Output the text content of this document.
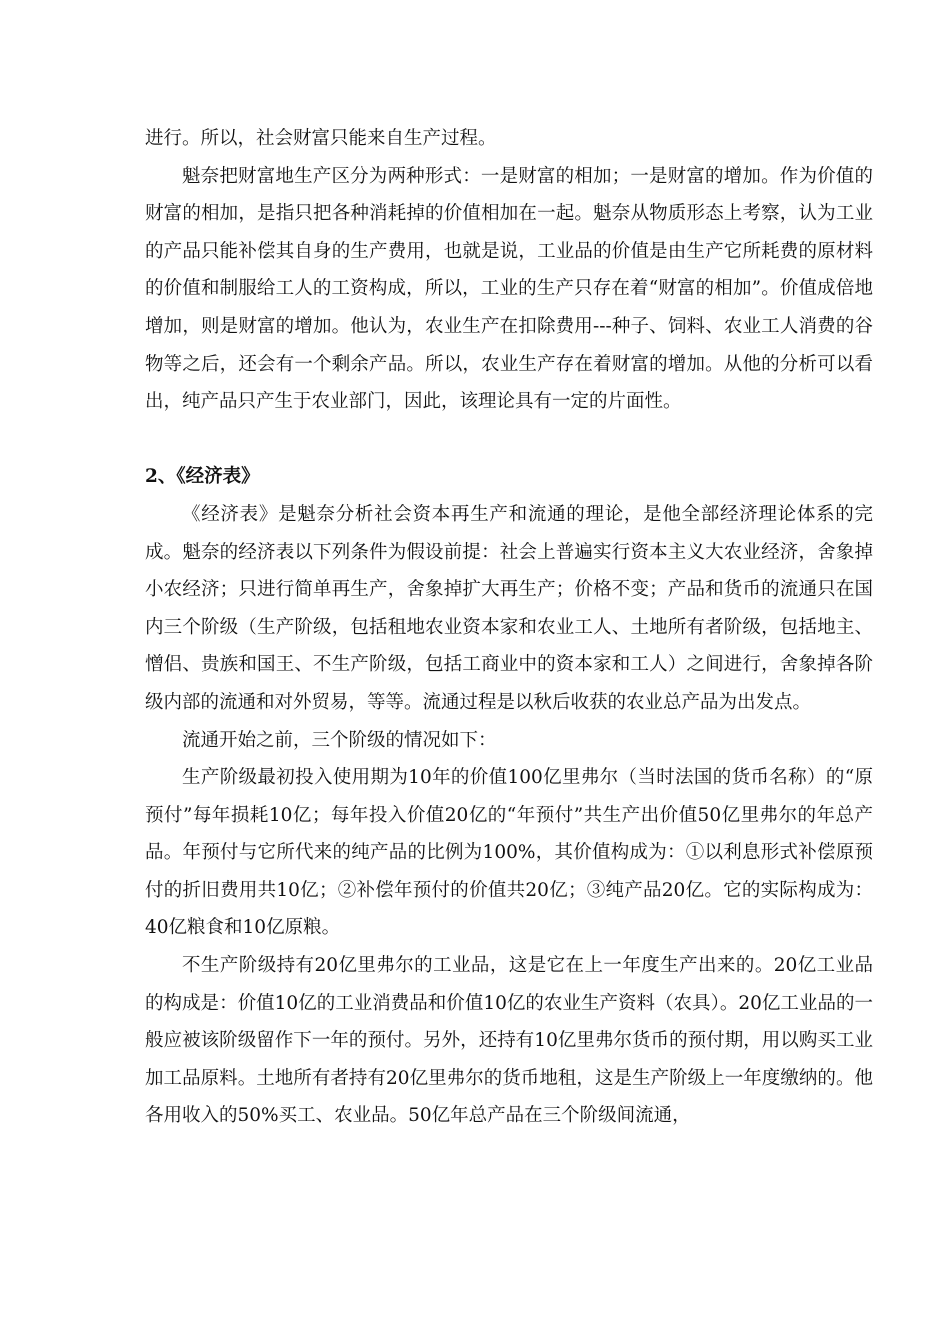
进行。所以，社会财富只能来自生产过程。

魁奈把财富地生产区分为两种形式：一是财富的相加；一是财富的增加。作为价值的财富的相加，是指只把各种消耗掉的价值相加在一起。魁奈从物质形态上考察，认为工业的产品只能补偿其自身的生产费用，也就是说，工业品的价值是由生产它所耗费的原材料的价值和制服给工人的工资构成，所以，工业的生产只存在着“财富的相加”。价值成倍地增加，则是财富的增加。他认为，农业生产在扣除费用---种子、饲料、农业工人消费的谷物等之后，还会有一个剩余产品。所以，农业生产存在着财富的增加。从他的分析可以看出，纯产品只产生于农业部门，因此，该理论具有一定的片面性。

2、《经济表》

《经济表》是魁奈分析社会资本再生产和流通的理论，是他全部经济理论体系的完成。魁奈的经济表以下列条件为假设前提：社会上普遍实行资本主义大农业经济，舍象掉小农经济；只进行简单再生产，舍象掉扩大再生产；价格不变；产品和货币的流通只在国内三个阶级（生产阶级，包括租地农业资本家和农业工人、土地所有者阶级，包括地主、憎侣、贵族和国王、不生产阶级，包括工商业中的资本家和工人）之间进行，舍象掉各阶级内部的流通和对外贸易，等等。流通过程是以秋后收获的农业总产品为出发点。

流通开始之前，三个阶级的情况如下：

生产阶级最初投入使用期为10年的价值100亿里弗尔（当时法国的货币名称）的“原预付”每年损耗10亿；每年投入价值20亿的“年预付”共生产出价值50亿里弗尔的年总产品。年预付与它所代来的纯产品的比例为100%，其价值构成为：①以利息形式补偿原预付的折旧费用共10亿；②补偿年预付的价值共20亿；③纯产品20亿。它的实际构成为：40亿粮食和10亿原粮。

不生产阶级持有20亿里弗尔的工业品，这是它在上一年度生产出来的。20亿工业品的构成是：价值10亿的工业消费品和价值10亿的农业生产资料（农具）。20亿工业品的一般应被该阶级留作下一年的预付。另外，还持有10亿里弗尔货币的预付期，用以购买工业加工品原料。土地所有者持有20亿里弗尔的货币地租，这是生产阶级上一年度缴纳的。他各用收入的50%买工、农业品。50亿年总产品在三个阶级间流通，
